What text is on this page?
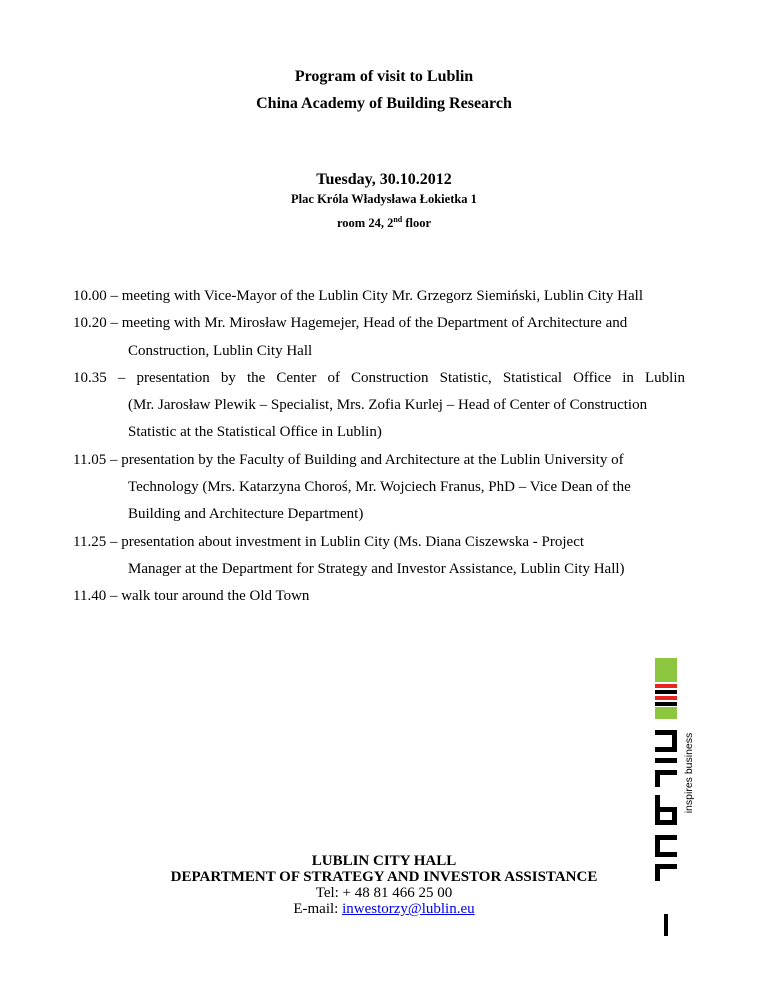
Program of visit to Lublin
China Academy of Building Research
Tuesday, 30.10.2012
Plac Króla Władysława Łokietka 1
room 24, 2nd floor
10.00 – meeting with Vice-Mayor of the Lublin City Mr. Grzegorz Siemiński, Lublin City Hall
10.20 – meeting with Mr. Mirosław Hagemejer, Head of the Department of Architecture and
Construction, Lublin City Hall
10.35 – presentation by the Center of Construction Statistic, Statistical Office in Lublin
(Mr. Jarosław Plewik – Specialist, Mrs. Zofia Kurlej – Head of Center of Construction
Statistic at the Statistical Office in Lublin)
11.05 – presentation by the Faculty of Building and Architecture at the Lublin University of
Technology (Mrs. Katarzyna Choroś, Mr. Wojciech Franus, PhD – Vice Dean of the
Building and Architecture Department)
11.25 – presentation about investment in Lublin City (Ms. Diana Ciszewska - Project
Manager at the Department for Strategy and Investor Assistance, Lublin City Hall)
11.40 – walk tour around the Old Town
inspires business
LUBLIN CITY HALL
DEPARTMENT OF STRATEGY AND INVESTOR ASSISTANCE
Tel: + 48 81 466 25 00
E-mail: inwestorzy@lublin.eu
